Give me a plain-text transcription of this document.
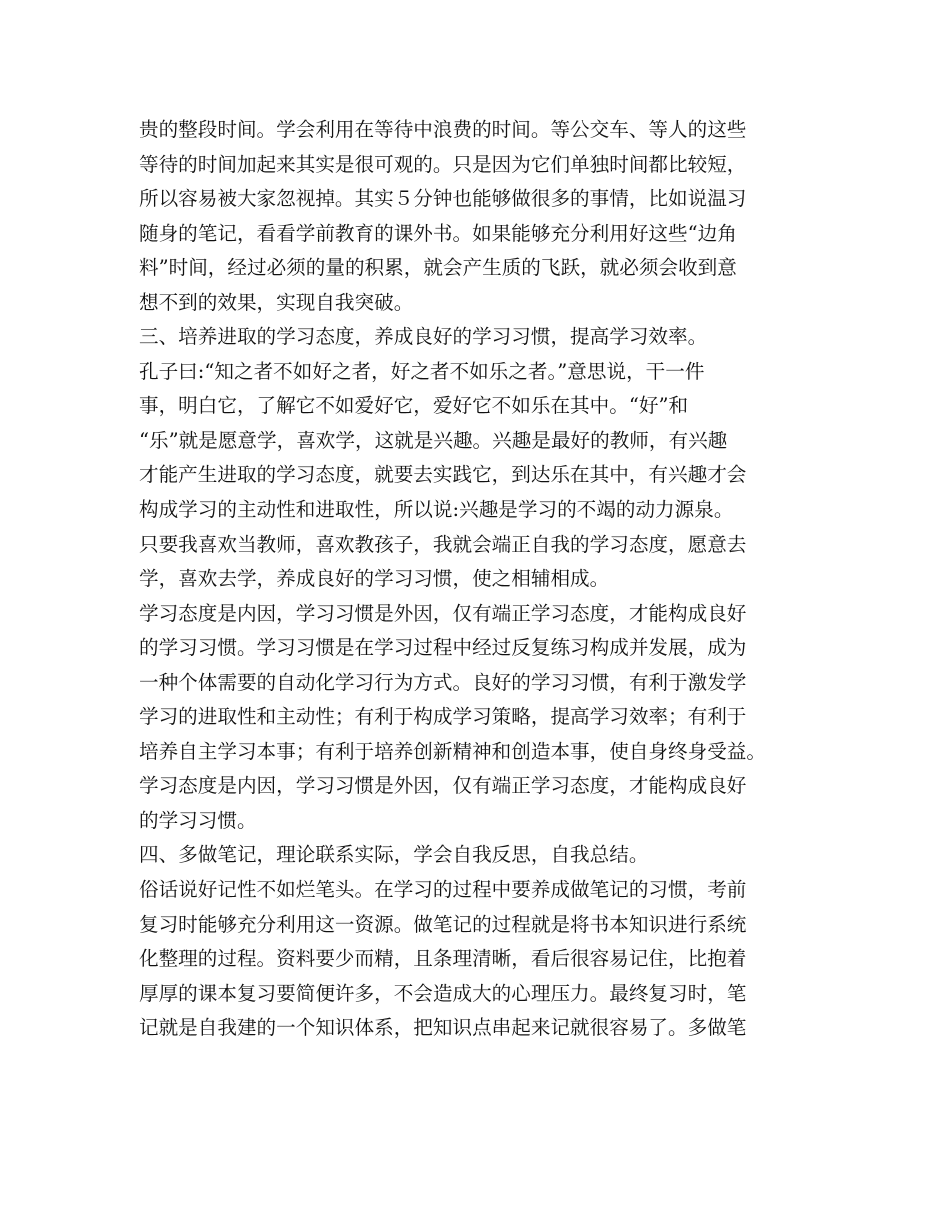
贵的整段时间。学会利用在等待中浪费的时间。等公交车、等人的这些
等待的时间加起来其实是很可观的。只是因为它们单独时间都比较短，
所以容易被大家忽视掉。其实５分钟也能够做很多的事情，比如说温习
随身的笔记，看看学前教育的课外书。如果能够充分利用好这些“边角
料”时间，经过必须的量的积累，就会产生质的飞跃，就必须会收到意
想不到的效果，实现自我突破。
三、培养进取的学习态度，养成良好的学习习惯，提高学习效率。
孔子曰:“知之者不如好之者，好之者不如乐之者。”意思说，干一件
事，明白它，了解它不如爱好它，爱好它不如乐在其中。“好”和
“乐”就是愿意学，喜欢学，这就是兴趣。兴趣是最好的教师，有兴趣
才能产生进取的学习态度，就要去实践它，到达乐在其中，有兴趣才会
构成学习的主动性和进取性，所以说:兴趣是学习的不竭的动力源泉。
只要我喜欢当教师，喜欢教孩子，我就会端正自我的学习态度，愿意去
学，喜欢去学，养成良好的学习习惯，使之相辅相成。
学习态度是内因，学习习惯是外因，仅有端正学习态度，才能构成良好
的学习习惯。学习习惯是在学习过程中经过反复练习构成并发展，成为
一种个体需要的自动化学习行为方式。良好的学习习惯，有利于激发学
学习的进取性和主动性；有利于构成学习策略，提高学习效率；有利于
培养自主学习本事；有利于培养创新精神和创造本事，使自身终身受益。
学习态度是内因，学习习惯是外因，仅有端正学习态度，才能构成良好
的学习习惯。
四、多做笔记，理论联系实际，学会自我反思，自我总结。
俗话说好记性不如烂笔头。在学习的过程中要养成做笔记的习惯，考前
复习时能够充分利用这一资源。做笔记的过程就是将书本知识进行系统
化整理的过程。资料要少而精，且条理清晰，看后很容易记住，比抱着
厚厚的课本复习要简便许多，不会造成大的心理压力。最终复习时，笔
记就是自我建的一个知识体系，把知识点串起来记就很容易了。多做笔
